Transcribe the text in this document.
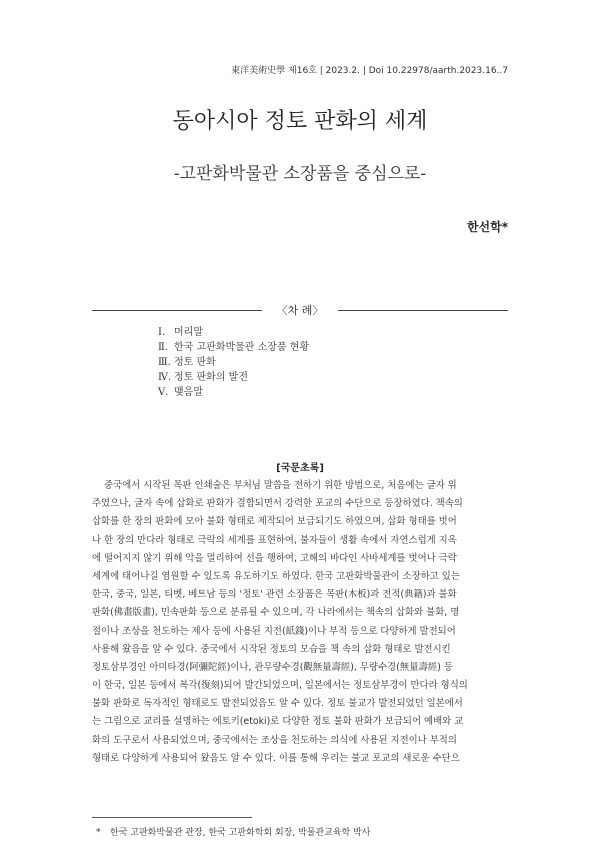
東洋美術史學 제16호 | 2023.2. | Doi 10.22978/aarth.2023.16..7
동아시아 정토 판화의 세계
-고판화박물관 소장품을 중심으로-
한선학*
〈차 례〉
Ⅰ. 머리말
Ⅱ. 한국 고판화박물관 소장품 현황
Ⅲ. 정토 판화
Ⅳ. 정토 판화의 발전
Ⅴ. 맺음말
[국문초록]
중국에서 시작된 목판 인쇄술은 부처님 말씀을 전하기 위한 방법으로, 처음에는 글자 위
주였으나, 글자 속에 삽화로 판화가 결합되면서 강력한 포교의 수단으로 등장하였다. 책속의
삽화를 한 장의 판화에 모아 불화 형태로 제작되어 보급되기도 하였으며, 삽화 형태를 벗어
나 한 장의 만다라 형태로 극락의 세계를 표현하여, 불자들이 생활 속에서 자연스럽게 지옥
에 떨어지지 않기 위해 악을 멀리하여 선을 행하여, 고해의 바다인 사바세계를 벗어나 극락
세계에 태어나길 염원할 수 있도록 유도하기도 하였다. 한국 고판화박물관이 소장하고 있는
한국, 중국, 일본, 티벳, 베트남 등의 '정토' 관련 소장품은 목판(木板)과 전적(典籍)과 불화
판화(佛畫版畫), 민속판화 등으로 분류될 수 있으며, 각 나라에서는 책속의 삽화와 불화, 명
절이나 조상을 천도하는 제사 등에 사용된 지전(紙錢)이나 부적 등으로 다양하게 발전되어
사용해 왔음을 알 수 있다. 중국에서 시작된 정토의 모습을 책 속의 삽화 형태로 발전시킨
정토삼부경인 아미타경(阿彌陀經)이나, 관무량수경(觀無量壽經), 무량수경(無量壽經) 등
이 한국, 일본 등에서 복각(復刻)되어 발간되었으며, 일본에서는 정토삼부경이 만다라 형식의
불화 판화로 독자적인 형태로도 발전되었음도 알 수 있다. 정토 불교가 발전되었던 일본에서
는 그림으로 교리를 설명하는 에토키(etoki)로 다양한 정토 불화 판화가 보급되어 예배와 교
화의 도구로서 사용되었으며, 중국에서는 조상을 천도하는 의식에 사용된 지전이나 부적의
형태로 다양하게 사용되어 왔음도 알 수 있다. 이를 통해 우리는 불교 포교의 새로운 수단으
* 한국 고판화박물관 관장, 한국 고판화학회 회장, 박물관교육학 박사
